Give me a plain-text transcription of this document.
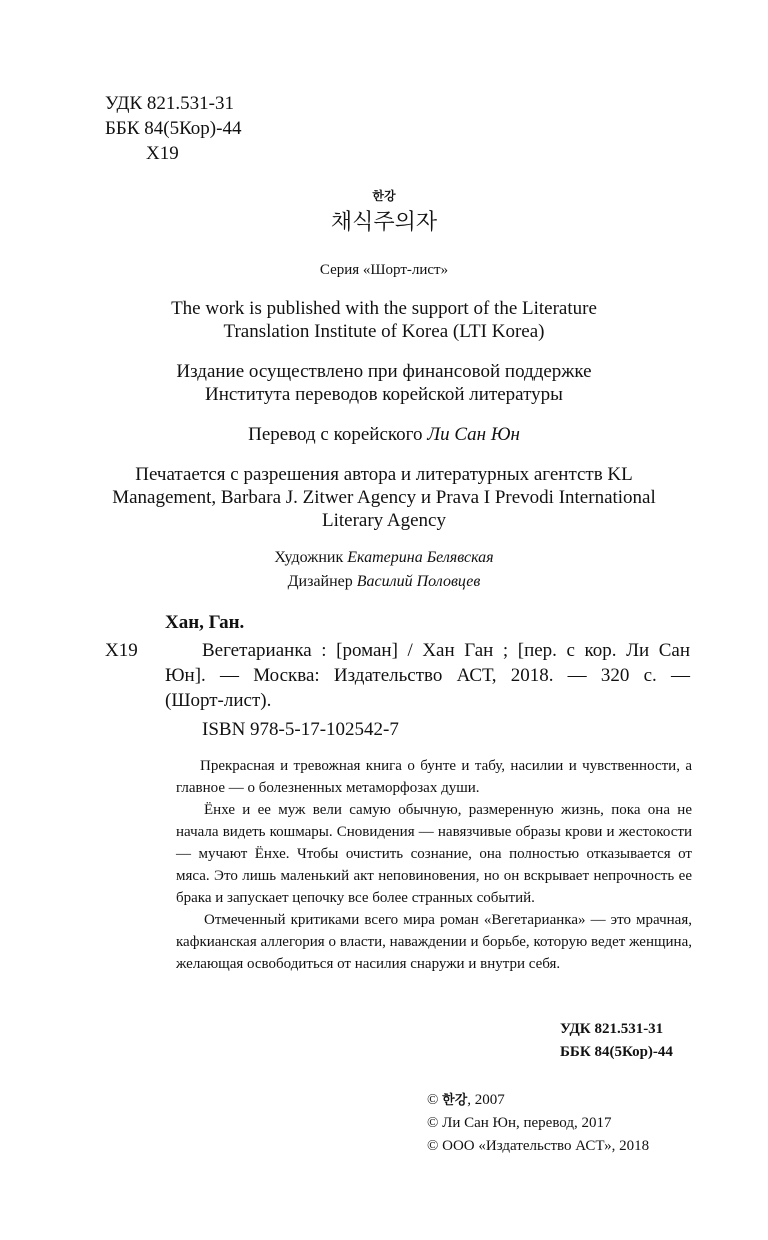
УДК 821.531-31
ББК 84(5Кор)-44
Х19
한강
채식주의자
Серия «Шорт-лист»
The work is published with the support of the Literature
Translation Institute of Korea (LTI Korea)
Издание осуществлено при финансовой поддержке
Института переводов корейской литературы
Перевод с корейского Ли Сан Юн
Печатается с разрешения автора и литературных агентств KL
Management, Barbara J. Zitwer Agency и Prava I Prevodi International
Literary Agency
Художник Екатерина Белявская
Дизайнер Василий Половцев
Хан, Ган.
Х19	Вегетарианка : [роман] / Хан Ган ; [пер. с кор. Ли Сан
Юн]. — Москва: Издательство АСТ, 2018. — 320 с. —
(Шорт-лист).
ISBN 978-5-17-102542-7

Прекрасная и тревожная книга о бунте и табу, насилии и чувственности, а главное — о болезненных метаморфозах души.

Ёнхе и ее муж вели самую обычную, размеренную жизнь, пока она не начала видеть кошмары. Сновидения — навязчивые образы крови и жестокости — мучают Ёнхе. Чтобы очистить сознание, она полностью отказывается от мяса. Это лишь маленький акт неповиновения, но он вскрывает непрочность ее брака и запускает цепочку все более странных событий.

Отмеченный критиками всего мира роман «Вегетарианка» — это мрачная, кафкианская аллегория о власти, наваждении и борьбе, которую ведет женщина, желающая освободиться от насилия снаружи и внутри себя.

УДК 821.531-31
ББК 84(5Кор)-44
© 한강, 2007
© Ли Сан Юн, перевод, 2017
© ООО «Издательство АСТ», 2018
